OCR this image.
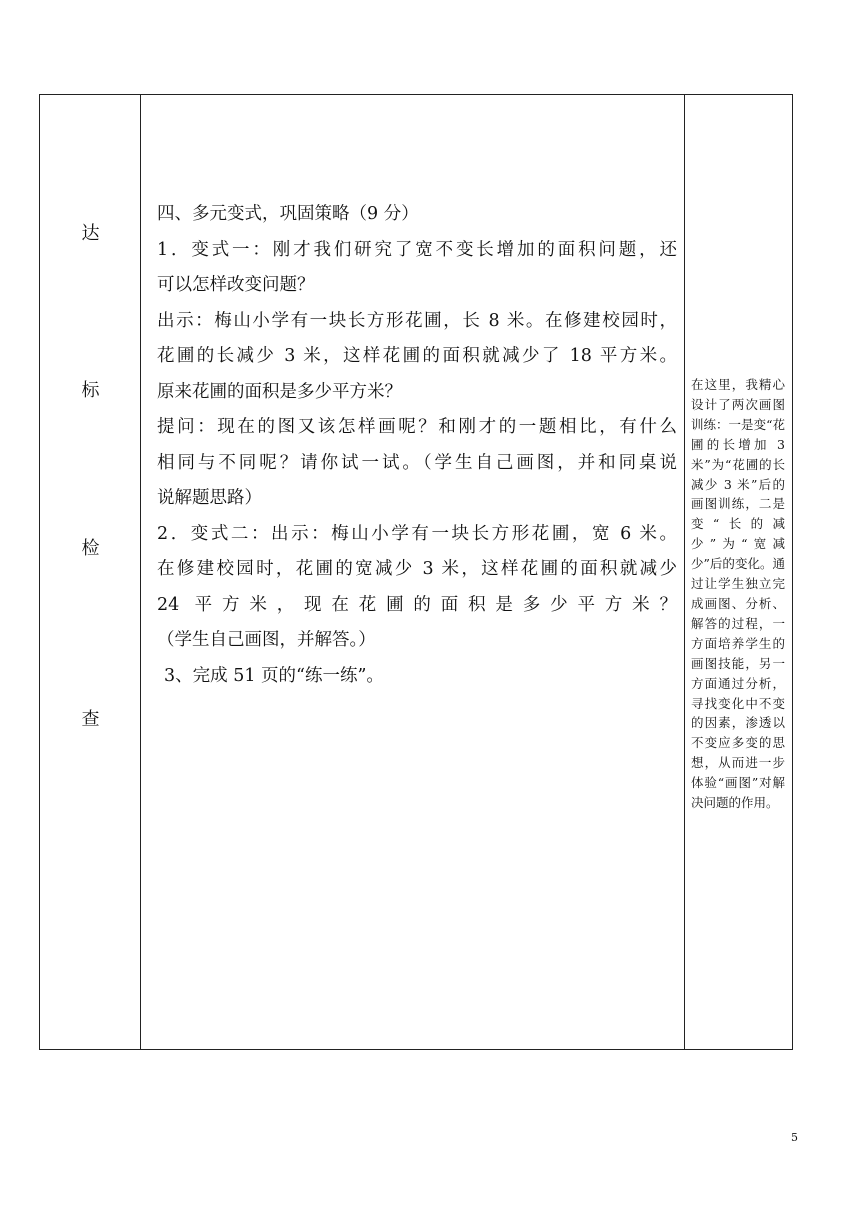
达
标
检
查

四、多元变式，巩固策略（9 分）

1．变式一：刚才我们研究了宽不变长增加的面积问题，还

可以怎样改变问题？

出示：梅山小学有一块长方形花圃，长 8 米。在修建校园时，

花圃的长减少 3 米，这样花圃的面积就减少了 18 平方米。

原来花圃的面积是多少平方米？

提问：现在的图又该怎样画呢？和刚才的一题相比，有什么

相同与不同呢？请你试一试。（学生自己画图，并和同桌说

说解题思路）

2．变式二：出示：梅山小学有一块长方形花圃，宽 6 米。

在修建校园时，花圃的宽减少 3 米，这样花圃的面积就减少

24 平方米，现在花圃的面积是多少平方米？

（学生自己画图，并解答。）

3、完成 51 页的“练一练”。

在这里，我精心设计了两次画图训练：一是变“花圃的长增加 3 米”为“花圃的长减少 3 米”后的画图训练，二是变“长的减少”为“宽减少”后的变化。通过让学生独立完成画图、分析、解答的过程，一方面培养学生的画图技能，另一方面通过分析，寻找变化中不变的因素，渗透以不变应多变的思想，从而进一步体验“画图”对解决问题的作用。
5
